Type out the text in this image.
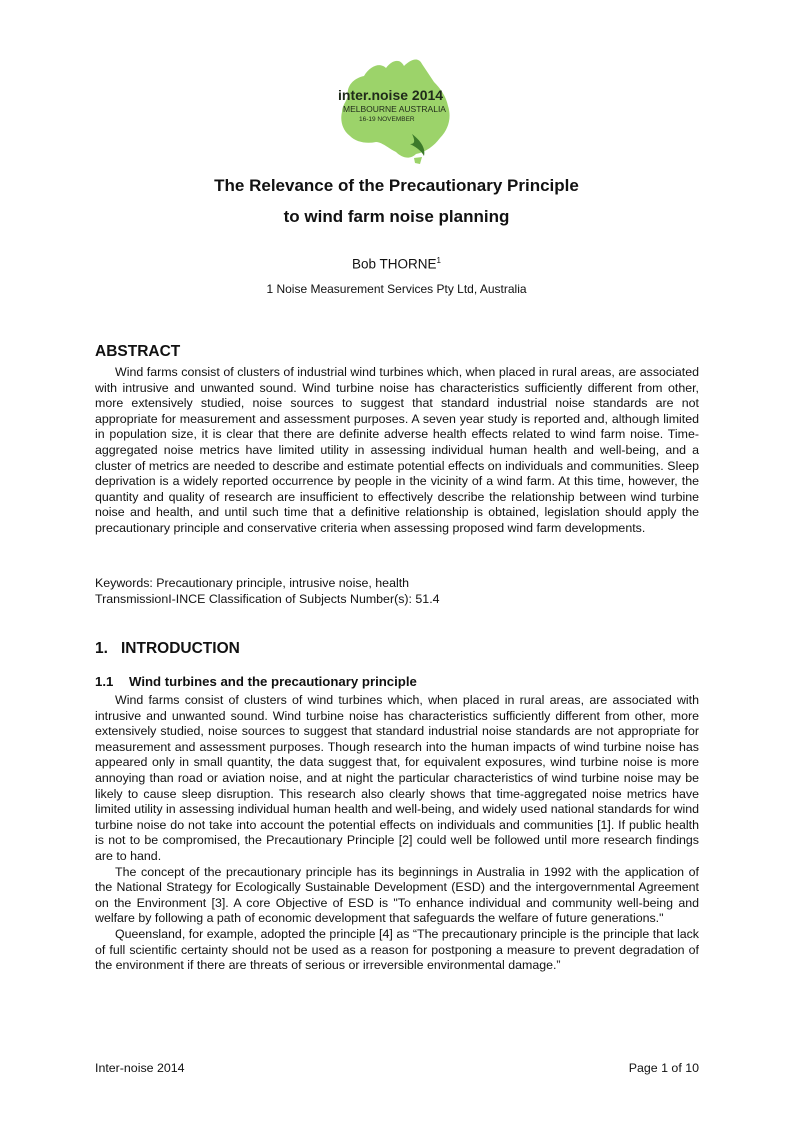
inter.noise 2014
MELBOURNE AUSTRALIA
16-19 NOVEMBER
The Relevance of the Precautionary Principle
to wind farm noise planning

Bob THORNE$^1$

1 Noise Measurement Services Pty Ltd, Australia

ABSTRACT

Wind farms consist of clusters of industrial wind turbines which, when placed in rural areas, are associated with intrusive and unwanted sound. Wind turbine noise has characteristics sufficiently different from other, more extensively studied, noise sources to suggest that standard industrial noise standards are not appropriate for measurement and assessment purposes. A seven year study is reported and, although limited in population size, it is clear that there are definite adverse health effects related to wind farm noise. Time-aggregated noise metrics have limited utility in assessing individual human health and well-being, and a cluster of metrics are needed to describe and estimate potential effects on individuals and communities. Sleep deprivation is a widely reported occurrence by people in the vicinity of a wind farm. At this time, however, the quantity and quality of research are insufficient to effectively describe the relationship between wind turbine noise and health, and until such time that a definitive relationship is obtained, legislation should apply the precautionary principle and conservative criteria when assessing proposed wind farm developments.

Keywords: Precautionary principle, intrusive noise, health
TransmissionI-INCE Classification of Subjects Number(s): 51.4
1. INTRODUCTION
1.1 Wind turbines and the precautionary principle

Wind farms consist of clusters of wind turbines which, when placed in rural areas, are associated with intrusive and unwanted sound. Wind turbine noise has characteristics sufficiently different from other, more extensively studied, noise sources to suggest that standard industrial noise standards are not appropriate for measurement and assessment purposes. Though research into the human impacts of wind turbine noise has appeared only in small quantity, the data suggest that, for equivalent exposures, wind turbine noise is more annoying than road or aviation noise, and at night the particular characteristics of wind turbine noise may be likely to cause sleep disruption. This research also clearly shows that time-aggregated noise metrics have limited utility in assessing individual human health and well-being, and widely used national standards for wind turbine noise do not take into account the potential effects on individuals and communities [1]. If public health is not to be compromised, the Precautionary Principle [2] could well be followed until more research findings are to hand.

The concept of the precautionary principle has its beginnings in Australia in 1992 with the application of the National Strategy for Ecologically Sustainable Development (ESD) and the intergovernmental Agreement on the Environment [3]. A core Objective of ESD is "To enhance individual and community well-being and welfare by following a path of economic development that safeguards the welfare of future generations."

Queensland, for example, adopted the principle [4] as “The precautionary principle is the principle that lack of full scientific certainty should not be used as a reason for postponing a measure to prevent degradation of the environment if there are threats of serious or irreversible environmental damage.”

Inter-noise 2014	Page 1 of 10
